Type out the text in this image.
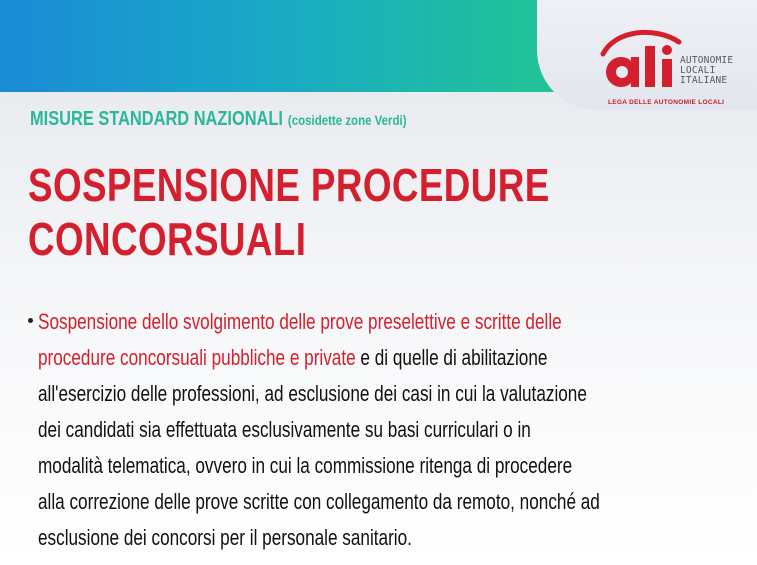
AUTONOMIE
LOCALI
ITALIANE
LEGA DELLE AUTONOMIE LOCALI
MISURE STANDARD NAZIONALI (cosidette zone Verdi)
SOSPENSIONE PROCEDURE
CONCORSUALI
Sospensione dello svolgimento delle prove preselettive e scritte delle
procedure concorsuali pubbliche e private e di quelle di abilitazione
all'esercizio delle professioni, ad esclusione dei casi in cui la valutazione
dei candidati sia effettuata esclusivamente su basi curriculari o in
modalità telematica, ovvero in cui la commissione ritenga di procedere
alla correzione delle prove scritte con collegamento da remoto, nonché ad
esclusione dei concorsi per il personale sanitario.
